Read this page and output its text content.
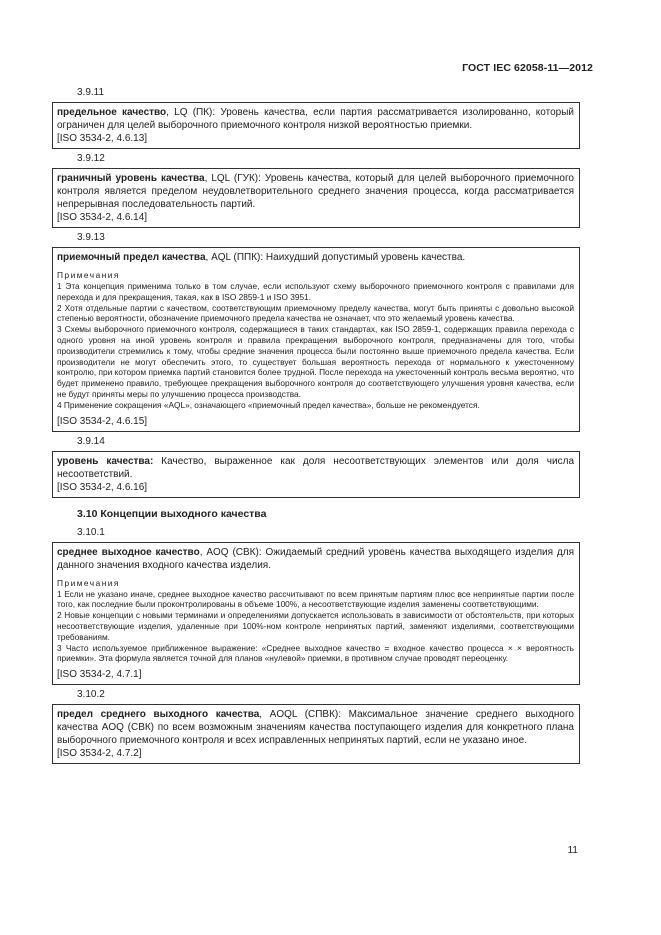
ГОСТ IEC 62058-11—2012
3.9.11
предельное качество, LQ (ПК): Уровень качества, если партия рассматривается изолированно, который ограничен для целей выборочного приемочного контроля низкой вероятностью приемки.
[ISO 3534-2, 4.6.13]
3.9.12
граничный уровень качества, LQL (ГУК): Уровень качества, который для целей выборочного приемочного контроля является пределом неудовлетворительного среднего значения процесса, когда рассматривается непрерывная последовательность партий.
[ISO 3534-2, 4.6.14]
3.9.13
приемочный предел качества, AQL (ППК): Наихудший допустимый уровень качества.
Примечания
1 Эта концепция применима только в том случае, если используют схему выборочного приемочного контроля с правилами для перехода и для прекращения, такая, как в ISO 2859-1 и ISO 3951.
2 Хотя отдельные партии с качеством, соответствующим приемочному пределу качества, могут быть приняты с довольно высокой степенью вероятности, обозначение приемочного предела качества не означает, что это желаемый уровень качества.
3 Схемы выборочного приемочного контроля, содержащиеся в таких стандартах, как ISO 2859-1, содержащих правила перехода с одного уровня на иной уровень контроля и правила прекращения выборочного контроля, предназначены для того, чтобы производители стремились к тому, чтобы средние значения процесса были постоянно выше приемочного предела качества. Если производители не могут обеспечить этого, то существует большая вероятность перехода от нормального к ужесточенному контролю, при котором приемка партий становится более трудной. После перехода на ужесточенный контроль весьма вероятно, что будет применено правило, требующее прекращения выборочного контроля до соответствующего улучшения уровня качества, если не будут приняты меры по улучшению процесса производства.
4 Применение сокращения «AQL», означающего «приемочный предел качества», больше не рекомендуется.
[ISO 3534-2, 4.6.15]
3.9.14
уровень качества: Качество, выраженное как доля несоответствующих элементов или доля числа несоответствий.
[ISO 3534-2, 4.6.16]
3.10 Концепции выходного качества
3.10.1
среднее выходное качество, AOQ (СВК): Ожидаемый средний уровень качества выходящего изделия для данного значения входного качества изделия.
Примечания
1 Если не указано иначе, среднее выходное качество рассчитывают по всем принятым партиям плюс все непринятые партии после того, как последние были проконтролированы в объеме 100%, а несоответствующие изделия заменены соответствующими.
2 Новые концепции с новыми терминами и определениями допускается использовать в зависимости от обстоятельств, при которых несоответствующие изделия, удаленные при 100%-ном контроле непринятых партий, заменяют изделиями, соответствующими требованиям.
3 Часто используемое приближенное выражение: «Среднее выходное качество = входное качество процесса × × вероятность приемки». Эта формула является точной для планов «нулевой» приемки, в противном случае проводят переоценку.
[ISO 3534-2, 4.7.1]
3.10.2
предел среднего выходного качества, AOQL (СПВК): Максимальное значение среднего выходного качества AOQ (СВК) по всем возможным значениям качества поступающего изделия для конкретного плана выборочного приемочного контроля и всех исправленных непринятых партий, если не указано иное.
[ISO 3534-2, 4.7.2]
11
